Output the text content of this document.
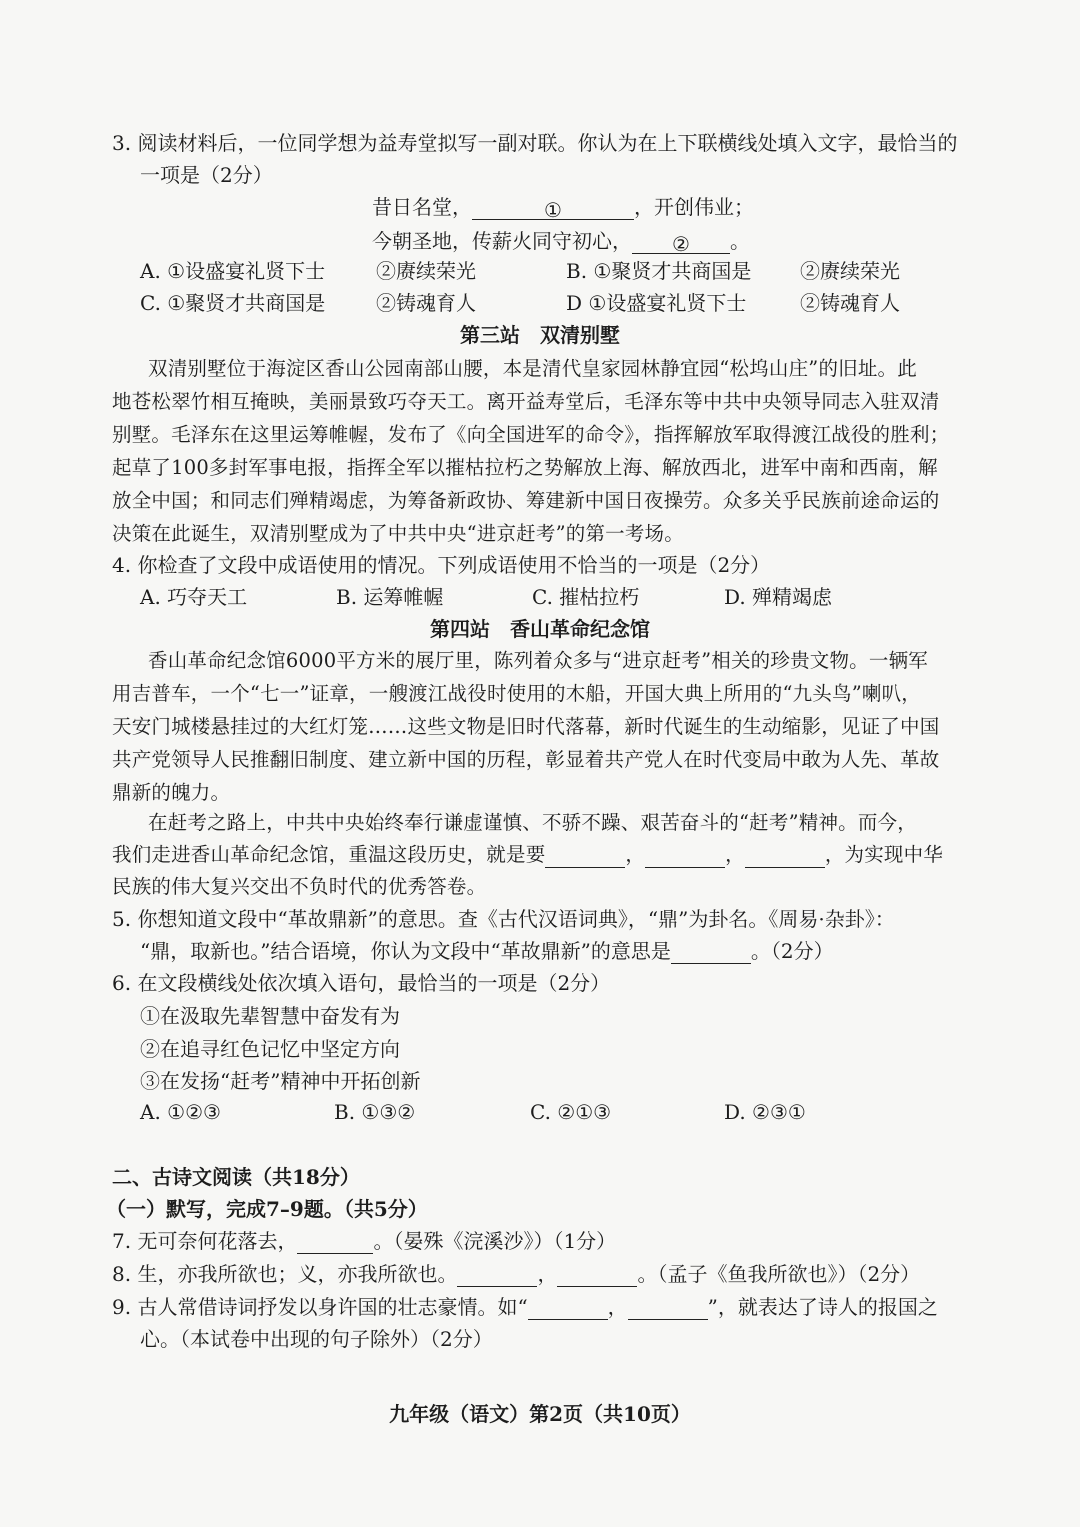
3. 阅读材料后，一位同学想为益寿堂拟写一副对联。你认为在上下联横线处填入文字，最恰当的
一项是（2分）
昔日名堂，	①	，开创伟业；
今朝圣地，传薪火同守初心， ② 。
A. ①设盛宴礼贤下士	②赓续荣光	B. ①聚贤才共商国是 ②赓续荣光
C. ①聚贤才共商国是	②铸魂育人	D ①设盛宴礼贤下士	②铸魂育人
第三站　双清别墅
双清别墅位于海淀区香山公园南部山腰，本是清代皇家园林静宜园“松坞山庄”的旧址。此
地苍松翠竹相互掩映，美丽景致巧夺天工。离开益寿堂后，毛泽东等中共中央领导同志入驻双清
别墅。毛泽东在这里运筹帷幄，发布了《向全国进军的命令》，指挥解放军取得渡江战役的胜利；
起草了100多封军事电报，指挥全军以摧枯拉朽之势解放上海、解放西北，进军中南和西南，解
放全中国；和同志们殚精竭虑，为筹备新政协、筹建新中国日夜操劳。众多关乎民族前途命运的
决策在此诞生，双清别墅成为了中共中央“进京赶考”的第一考场。
4. 你检查了文段中成语使用的情况。下列成语使用不恰当的一项是（2分）
A. 巧夺天工	B. 运筹帷幄	C. 摧枯拉朽	D. 殚精竭虑
第四站　香山革命纪念馆
香山革命纪念馆6000平方米的展厅里，陈列着众多与“进京赶考”相关的珍贵文物。一辆军
用吉普车，一个“七一”证章，一艘渡江战役时使用的木船，开国大典上所用的“九头鸟”喇叭，
天安门城楼悬挂过的大红灯笼……这些文物是旧时代落幕，新时代诞生的生动缩影，见证了中国
共产党领导人民推翻旧制度、建立新中国的历程，彰显着共产党人在时代变局中敢为人先、革故
鼎新的魄力。
在赶考之路上，中共中央始终奉行谦虚谨慎、不骄不躁、艰苦奋斗的“赶考”精神。而今，
我们走进香山革命纪念馆，重温这段历史，就是要	，	，	，为实现中华
民族的伟大复兴交出不负时代的优秀答卷。
5. 你想知道文段中“革故鼎新”的意思。查《古代汉语词典》，“鼎”为卦名。《周易·杂卦》：
“鼎，取新也。”结合语境，你认为文段中“革故鼎新”的意思是	。（2分）
6. 在文段横线处依次填入语句，最恰当的一项是（2分）
①在汲取先辈智慧中奋发有为
②在追寻红色记忆中坚定方向
③在发扬“赶考”精神中开拓创新
A. ①②③	B. ①③②	C. ②①③	D. ②③①
二、古诗文阅读（共18分）
（一）默写，完成7–9题。（共5分）
7. 无可奈何花落去，	。（晏殊《浣溪沙》）（1分）
8. 生，亦我所欲也；义，亦我所欲也。	，	。（孟子《鱼我所欲也》）（2分）
9. 古人常借诗词抒发以身许国的壮志豪情。如“	，	”，就表达了诗人的报国之
心。（本试卷中出现的句子除外）（2分）
九年级（语文）第2页（共10页）
